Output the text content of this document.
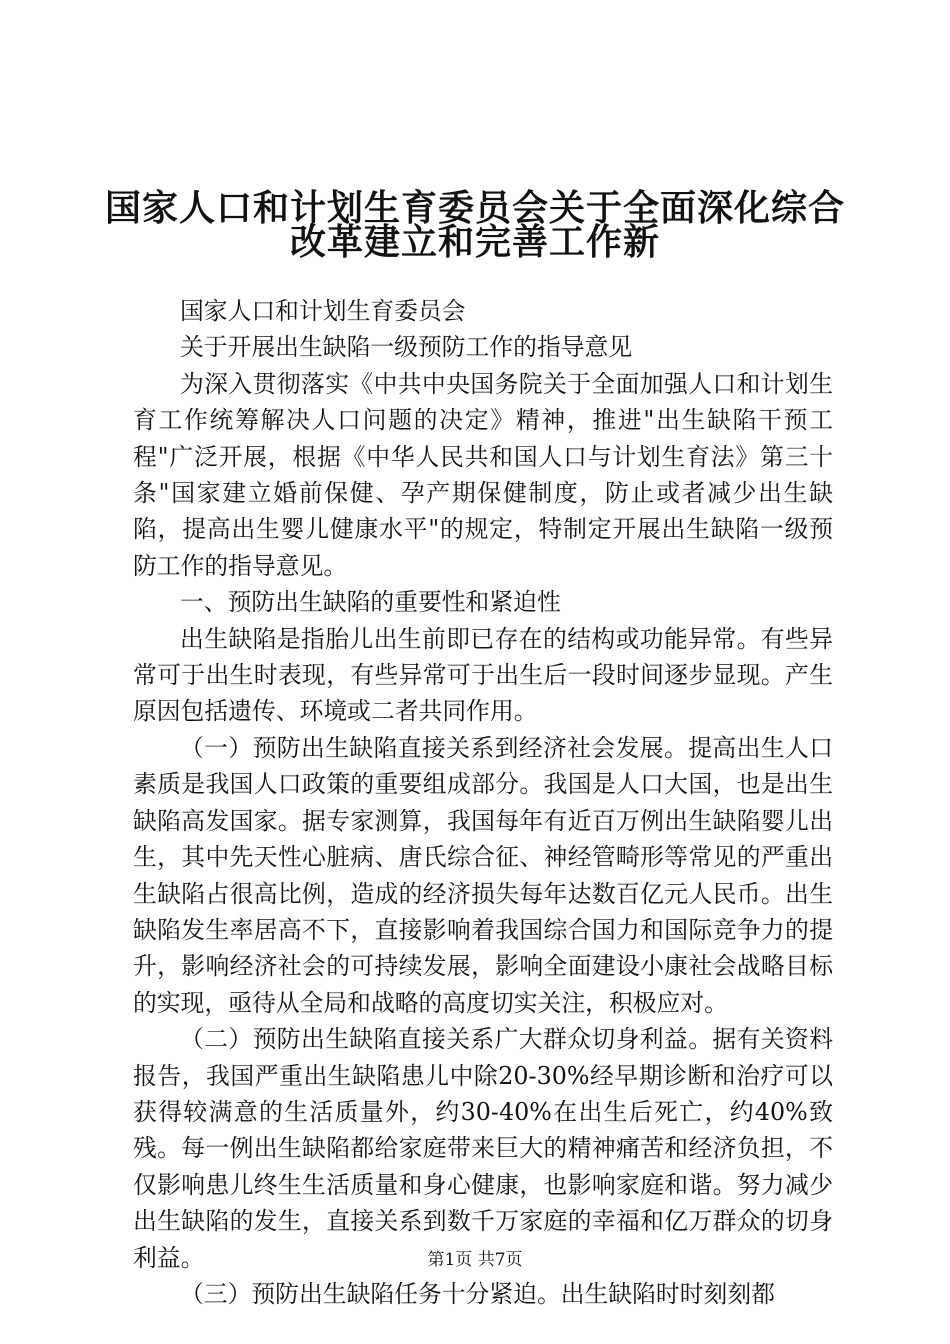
国家人口和计划生育委员会关于全面深化综合
改革建立和完善工作新

国家人口和计划生育委员会

关于开展出生缺陷一级预防工作的指导意见

为深入贯彻落实《中共中央国务院关于全面加强人口和计划生育工作统筹解决人口问题的决定》精神，推进"出生缺陷干预工程"广泛开展，根据《中华人民共和国人口与计划生育法》第三十条"国家建立婚前保健、孕产期保健制度，防止或者减少出生缺陷，提高出生婴儿健康水平"的规定，特制定开展出生缺陷一级预防工作的指导意见。

一、预防出生缺陷的重要性和紧迫性

出生缺陷是指胎儿出生前即已存在的结构或功能异常。有些异常可于出生时表现，有些异常可于出生后一段时间逐步显现。产生原因包括遗传、环境或二者共同作用。

（一）预防出生缺陷直接关系到经济社会发展。提高出生人口素质是我国人口政策的重要组成部分。我国是人口大国，也是出生缺陷高发国家。据专家测算，我国每年有近百万例出生缺陷婴儿出生，其中先天性心脏病、唐氏综合征、神经管畸形等常见的严重出生缺陷占很高比例，造成的经济损失每年达数百亿元人民币。出生缺陷发生率居高不下，直接影响着我国综合国力和国际竞争力的提升，影响经济社会的可持续发展，影响全面建设小康社会战略目标的实现，亟待从全局和战略的高度切实关注，积极应对。

（二）预防出生缺陷直接关系广大群众切身利益。据有关资料报告，我国严重出生缺陷患儿中除20-30%经早期诊断和治疗可以获得较满意的生活质量外，约30-40%在出生后死亡，约40%致残。每一例出生缺陷都给家庭带来巨大的精神痛苦和经济负担，不仅影响患儿终生生活质量和身心健康，也影响家庭和谐。努力减少出生缺陷的发生，直接关系到数千万家庭的幸福和亿万群众的切身利益。

（三）预防出生缺陷任务十分紧迫。出生缺陷时时刻刻都

第1页 共7页
